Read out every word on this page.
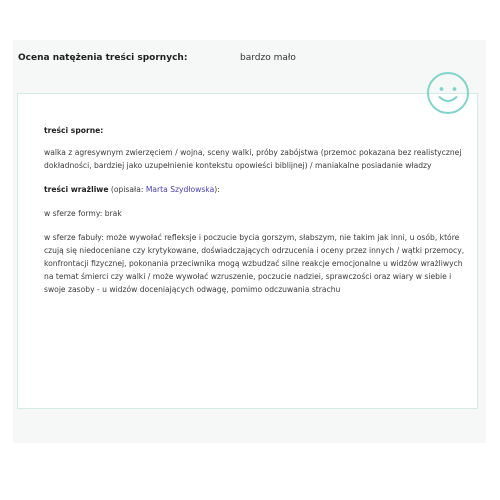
Ocena natężenia treści spornych:	bardzo mało

treści sporne:

walka z agresywnym zwierzęciem / wojna, sceny walki, próby zabójstwa (przemoc pokazana bez realistycznej dokładności, bardziej jako uzupełnienie kontekstu opowieści biblijnej) / maniakalne posiadanie władzy

treści wrażliwe (opisała: Marta Szydłowska):

w sferze formy: brak

w sferze fabuły: może wywołać refleksje i poczucie bycia gorszym, słabszym, nie takim jak inni, u osób, które czują się niedoceniane czy krytykowane, doświadczających odrzucenia i oceny przez innych / wątki przemocy, konfrontacji fizycznej, pokonania przeciwnika mogą wzbudzać silne reakcje emocjonalne u widzów wrażliwych na temat śmierci czy walki / może wywołać wzruszenie, poczucie nadziei, sprawczości oraz wiary w siebie i swoje zasoby - u widzów doceniających odwagę, pomimo odczuwania strachu
